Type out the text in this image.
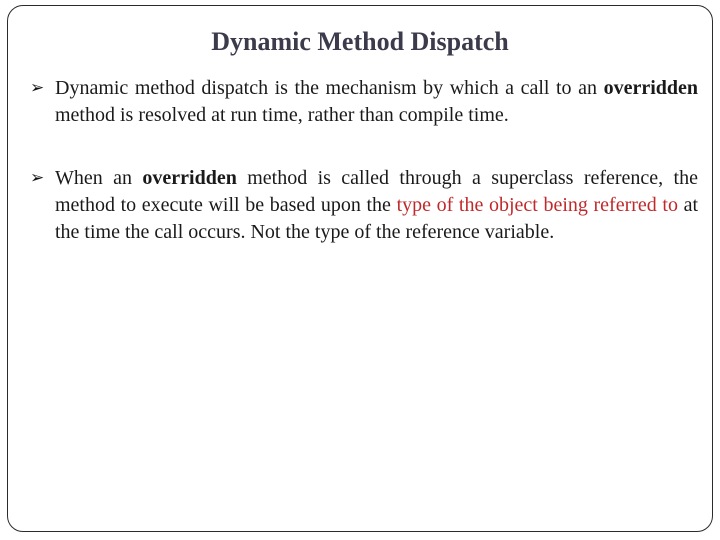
Dynamic Method Dispatch
➢ Dynamic method dispatch is the mechanism by which a call to an overridden method is resolved at run time, rather than compile time.
➢ When an overridden method is called through a superclass reference, the method to execute will be based upon the type of the object being referred to at the time the call occurs. Not the type of the reference variable.
